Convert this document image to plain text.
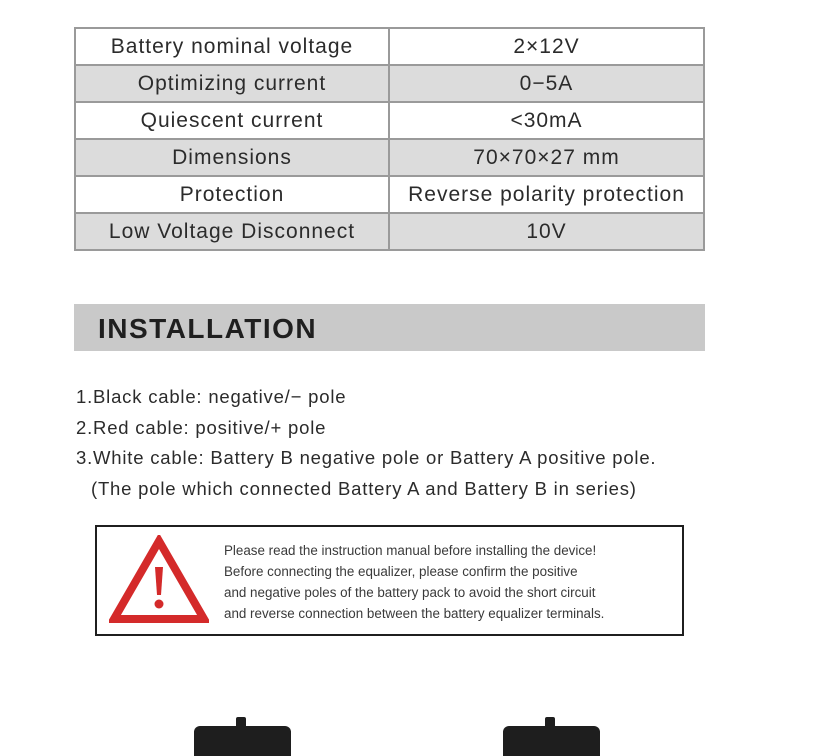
Battery nominal voltage	2×12V
Optimizing current	0−5A
Quiescent current	<30mA
Dimensions	70×70×27 mm
Protection	Reverse polarity protection
Low Voltage Disconnect	10V
INSTALLATION
1.Black cable: negative/− pole
2.Red cable: positive/+ pole
3.White cable: Battery B negative pole or Battery A positive pole.
(The pole which connected Battery A and Battery B in series)
Please read the instruction manual before installing the device!
Before connecting the equalizer, please confirm the positive
and negative poles of the battery pack to avoid the short circuit
and reverse connection between the battery equalizer terminals.
